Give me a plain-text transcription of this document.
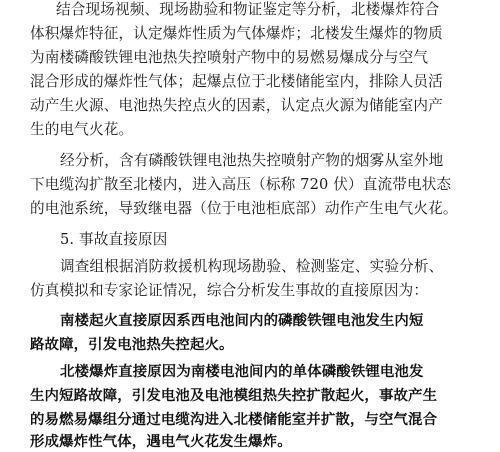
结合现场视频、现场勘验和物证鉴定等分析，北楼爆炸符合
体积爆炸特征，认定爆炸性质为气体爆炸；北楼发生爆炸的物质
为南楼磷酸铁锂电池热失控喷射产物中的易燃易爆成分与空气
混合形成的爆炸性气体；起爆点位于北楼储能室内，排除人员活
动产生火源、电池热失控点火的因素，认定点火源为储能室内产
生的电气火花。
经分析，含有磷酸铁锂电池热失控喷射产物的烟雾从室外地
下电缆沟扩散至北楼内，进入高压（标称 720 伏）直流带电状态
的电池系统，导致继电器（位于电池柜底部）动作产生电气火花。
5. 事故直接原因
调查组根据消防救援机构现场勘验、检测鉴定、实验分析、
仿真模拟和专家论证情况，综合分析发生事故的直接原因为：
南楼起火直接原因系西电池间内的磷酸铁锂电池发生内短
路故障，引发电池热失控起火。
北楼爆炸直接原因为南楼电池间内的单体磷酸铁锂电池发
生内短路故障，引发电池及电池模组热失控扩散起火，事故产生
的易燃易爆组分通过电缆沟进入北楼储能室并扩散，与空气混合
形成爆炸性气体，遇电气火花发生爆炸。
